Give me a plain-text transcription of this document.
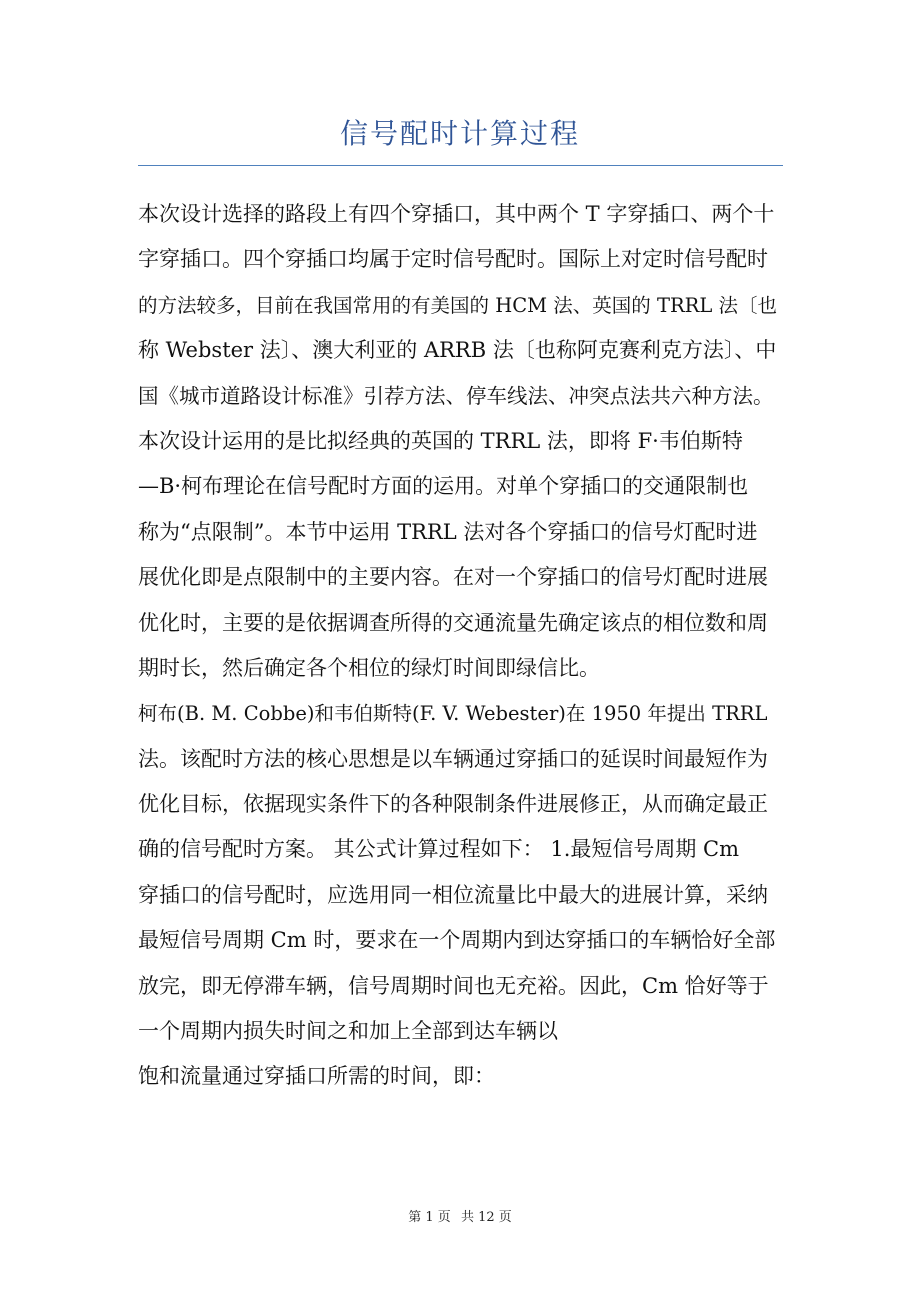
信号配时计算过程
本次设计选择的路段上有四个穿插口，其中两个 T 字穿插口、两个十
字穿插口。四个穿插口均属于定时信号配时。国际上对定时信号配时
的方法较多，目前在我国常用的有美国的 HCM 法、英国的 TRRL 法〔也
称 Webster 法〕、澳大利亚的 ARRB 法〔也称阿克赛利克方法〕、中
国《城市道路设计标准》引荐方法、停车线法、冲突点法共六种方法。
本次设计运用的是比拟经典的英国的 TRRL 法，即将 F·韦伯斯特
—B·柯布理论在信号配时方面的运用。对单个穿插口的交通限制也
称为“点限制”。本节中运用 TRRL 法对各个穿插口的信号灯配时进
展优化即是点限制中的主要内容。在对一个穿插口的信号灯配时进展
优化时，主要的是依据调查所得的交通流量先确定该点的相位数和周
期时长，然后确定各个相位的绿灯时间即绿信比。
柯布(B. M. Cobbe)和韦伯斯特(F. V. Webester)在 1950 年提出 TRRL
法。该配时方法的核心思想是以车辆通过穿插口的延误时间最短作为
优化目标，依据现实条件下的各种限制条件进展修正，从而确定最正
确的信号配时方案。 其公式计算过程如下： 1.最短信号周期 Cm
穿插口的信号配时，应选用同一相位流量比中最大的进展计算，采纳
最短信号周期 Cm 时，要求在一个周期内到达穿插口的车辆恰好全部
放完，即无停滞车辆，信号周期时间也无充裕。因此，Cm 恰好等于
一个周期内损失时间之和加上全部到达车辆以
饱和流量通过穿插口所需的时间，即：
第 1 页 共 12 页
